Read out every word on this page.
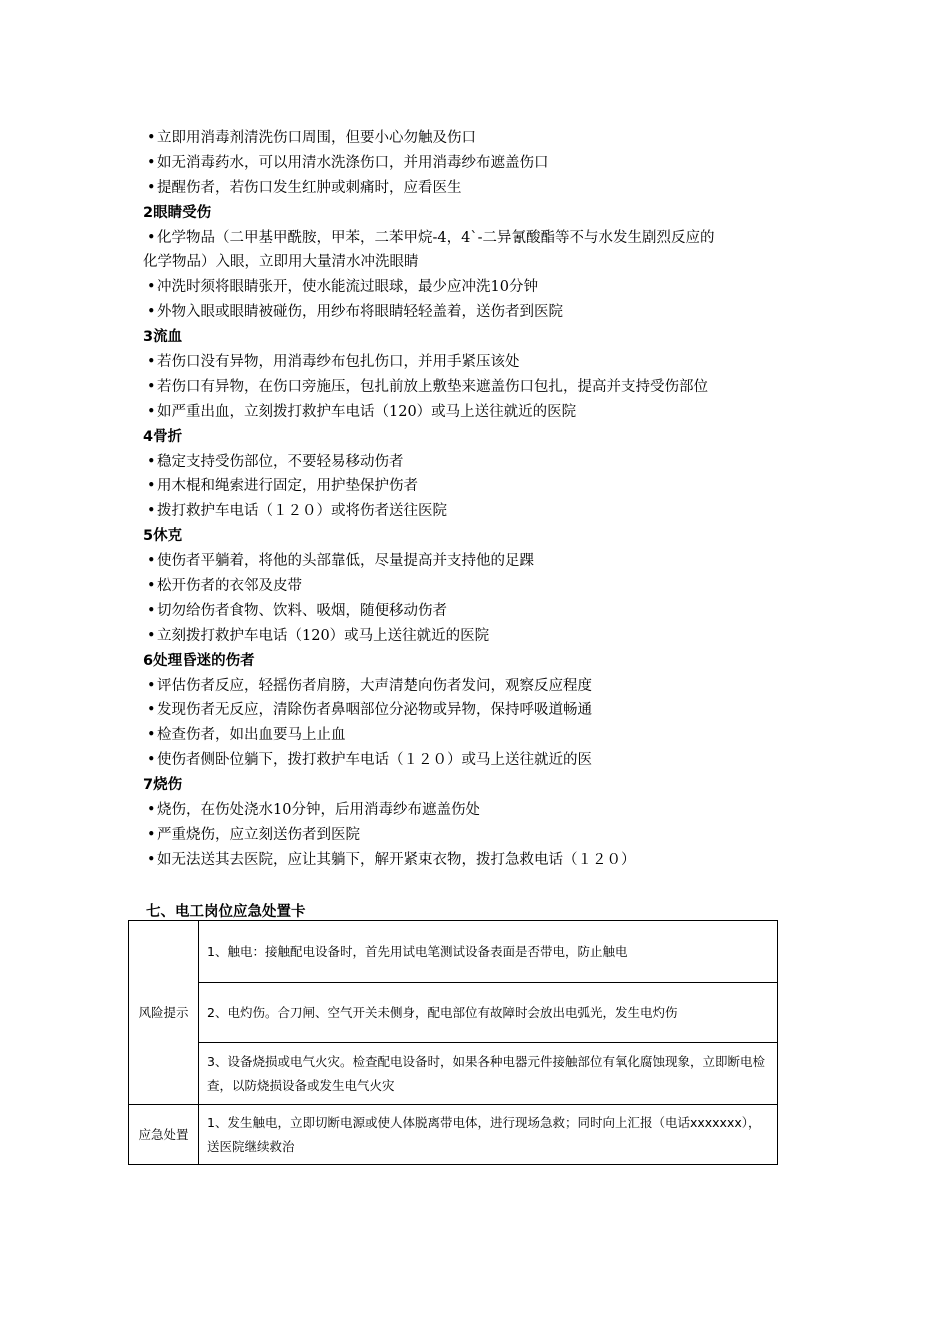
•立即用消毒剂清洗伤口周围，但要小心勿触及伤口
•如无消毒药水，可以用清水洗涤伤口，并用消毒纱布遮盖伤口
•提醒伤者，若伤口发生红肿或刺痛时，应看医生
2眼睛受伤
•化学物品（二甲基甲酰胺，甲苯，二苯甲烷-4，4`-二异氰酸酯等不与水发生剧烈反应的
化学物品）入眼，立即用大量清水冲洗眼睛
•冲洗时须将眼睛张开，使水能流过眼球，最少应冲洗10分钟
•外物入眼或眼睛被碰伤，用纱布将眼睛轻轻盖着，送伤者到医院
3流血
•若伤口没有异物，用消毒纱布包扎伤口，并用手紧压该处
•若伤口有异物，在伤口旁施压，包扎前放上敷垫来遮盖伤口包扎，提高并支持受伤部位
•如严重出血，立刻拨打救护车电话（120）或马上送往就近的医院
4骨折
•稳定支持受伤部位，不要轻易移动伤者
•用木棍和绳索进行固定，用护垫保护伤者
•拨打救护车电话（１２０）或将伤者送往医院
5休克
•使伤者平躺着，将他的头部靠低，尽量提高并支持他的足踝
•松开伤者的衣邻及皮带
•切勿给伤者食物、饮料、吸烟，随便移动伤者
•立刻拨打救护车电话（120）或马上送往就近的医院
6处理昏迷的伤者
•评估伤者反应，轻摇伤者肩膀，大声清楚向伤者发问，观察反应程度
•发现伤者无反应，清除伤者鼻咽部位分泌物或异物，保持呼吸道畅通
•检查伤者，如出血要马上止血
•使伤者侧卧位躺下，拨打救护车电话（１２０）或马上送往就近的医
7烧伤
•烧伤，在伤处浇水10分钟，后用消毒纱布遮盖伤处
•严重烧伤，应立刻送伤者到医院
•如无法送其去医院，应让其躺下，解开紧束衣物，拨打急救电话（１２０）
七、电工岗位应急处置卡
风险提示	1、触电：接触配电设备时，首先用试电笔测试设备表面是否带电，防止触电
	2、电灼伤。合刀闸、空气开关未侧身，配电部位有故障时会放出电弧光，发生电灼伤
	3、设备烧损或电气火灾。检查配电设备时，如果各种电器元件接触部位有氧化腐蚀现象，立即断电检查，以防烧损设备或发生电气火灾
应急处置	1、发生触电，立即切断电源或使人体脱离带电体，进行现场急救；同时向上汇报（电话xxxxxxx），送医院继续救治
